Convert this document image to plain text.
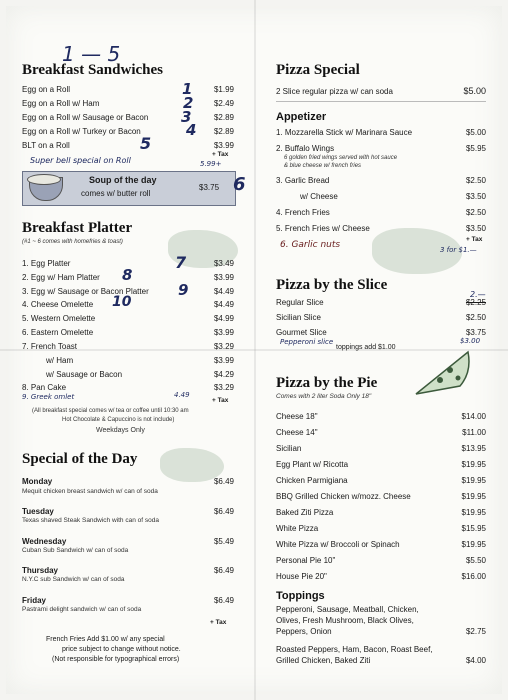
1 — 5
Breakfast Sandwiches
Egg on a Roll	$1.99
Egg on a Roll w/ Ham	$2.49
Egg on a Roll w/ Sausage or Bacon	$2.89
Egg on a Roll w/ Turkey or Bacon	$2.89
BLT on a Roll	$3.99
+ Tax
1
2
3
4
5
Super bell special on Roll	5.99+
Soup of the day
comes w/ butter roll
$3.75 6
Breakfast Platter
(#1 ~ 6 comes with homefries & toast)
1. Egg Platter	$3.49
2. Egg w/ Ham Platter	$3.99
3. Egg w/ Sausage or Bacon Platter	$4.49
4. Cheese Omelette	$4.49
5. Western Omelette	$4.99
6. Eastern Omelette	$3.99
7. French Toast	$3.29
w/ Ham	$3.99
w/ Sausage or Bacon	$4.29
8. Pan Cake	$3.29
+ Tax
7
8
9
10
9. Greek omlet	4.49
(All breakfast special comes w/ tea or coffee until 10:30 am
Hot Chocolate & Capuccino is not include)
Weekdays Only
Special of the Day
Monday
Mequit chicken breast sandwich w/ can of soda
$6.49
Tuesday
Texas shaved Steak Sandwich with can of soda
$6.49
Wednesday
Cuban Sub Sandwich w/ can of soda
$5.49
Thursday
N.Y.C sub Sandwich w/ can of soda
$6.49
Friday
Pastrami delight sandwich w/ can of soda
$6.49
+ Tax
French Fries Add $1.00 w/ any special
price subject to change without notice.
(Not responsible for typographical errors)
Pizza Special
2 Slice regular pizza w/ can soda	$5.00
Appetizer
1. Mozzarella Stick w/ Marinara Sauce	$5.00
2. Buffalo Wings	$5.95
6 golden fried wings served with hot sauce
& blue cheese w/ french fries
3. Garlic Bread	$2.50
w/ Cheese	$3.50
4. French Fries	$2.50
5. French Fries w/ Cheese	$3.50
+ Tax
6. Garlic nuts	3 for $1.—
Pizza by the Slice
Regular Slice	$2.25
Sicilian Slice	$2.50
Gourmet Slice	$3.75
toppings add $1.00
2.—
Pepperoni slice	$3.00
Pizza by the Pie
Comes with 2 liter Soda Only 18"
Cheese 18"	$14.00
Cheese 14"	$11.00
Sicilian	$13.95
Egg Plant w/ Ricotta	$19.95
Chicken Parmigiana	$19.95
BBQ Grilled Chicken w/mozz. Cheese	$19.95
Baked Ziti Pizza	$19.95
White Pizza	$15.95
White Pizza w/ Broccoli or Spinach	$19.95
Personal Pie 10"	$5.50
House Pie 20"	$16.00
Toppings
Pepperoni, Sausage, Meatball, Chicken,
Olives, Fresh Mushroom, Black Olives,
Peppers, Onion	$2.75
Roasted Peppers, Ham, Bacon, Roast Beef,
Grilled Chicken, Baked Ziti	$4.00
